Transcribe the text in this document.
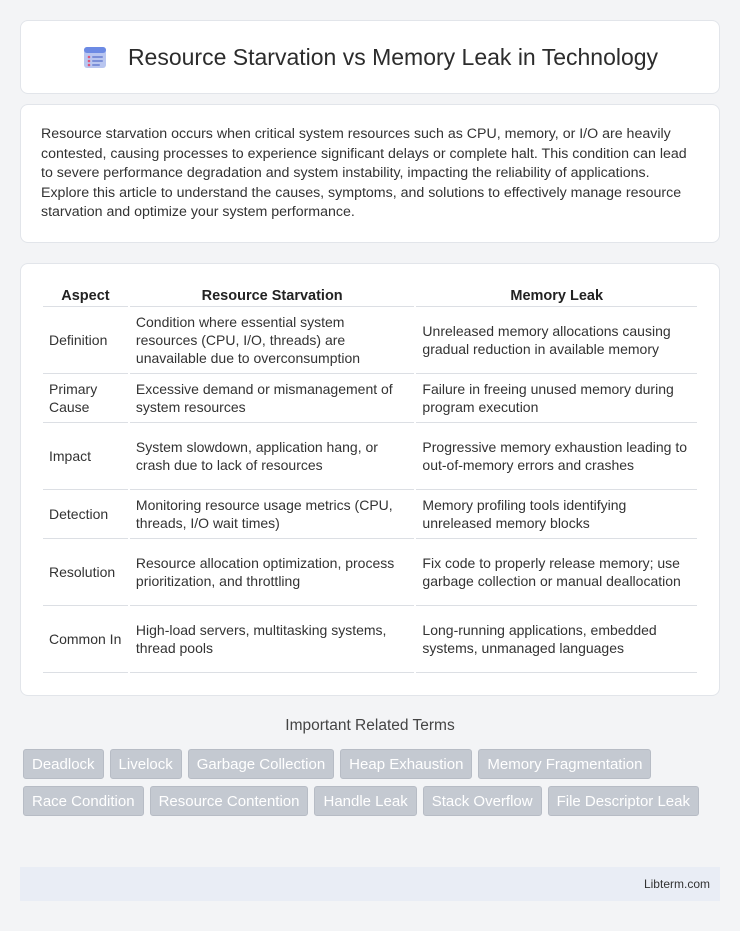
Resource Starvation vs Memory Leak in Technology

Resource starvation occurs when critical system resources such as CPU, memory, or I/O are heavily contested, causing processes to experience significant delays or complete halt. This condition can lead to severe performance degradation and system instability, impacting the reliability of applications. Explore this article to understand the causes, symptoms, and solutions to effectively manage resource starvation and optimize your system performance.

Aspect	Resource Starvation	Memory Leak
Definition	Condition where essential system resources (CPU, I/O, threads) are unavailable due to overconsumption	Unreleased memory allocations causing gradual reduction in available memory
Primary Cause	Excessive demand or mismanagement of system resources	Failure in freeing unused memory during program execution
Impact	System slowdown, application hang, or crash due to lack of resources	Progressive memory exhaustion leading to out-of-memory errors and crashes
Detection	Monitoring resource usage metrics (CPU, threads, I/O wait times)	Memory profiling tools identifying unreleased memory blocks
Resolution	Resource allocation optimization, process prioritization, and throttling	Fix code to properly release memory; use garbage collection or manual deallocation
Common In	High-load servers, multitasking systems, thread pools	Long-running applications, embedded systems, unmanaged languages
Important Related Terms
Deadlock	Livelock	Garbage Collection	Heap Exhaustion	Memory Fragmentation
Race Condition	Resource Contention	Handle Leak	Stack Overflow	File Descriptor Leak
Libterm.com
